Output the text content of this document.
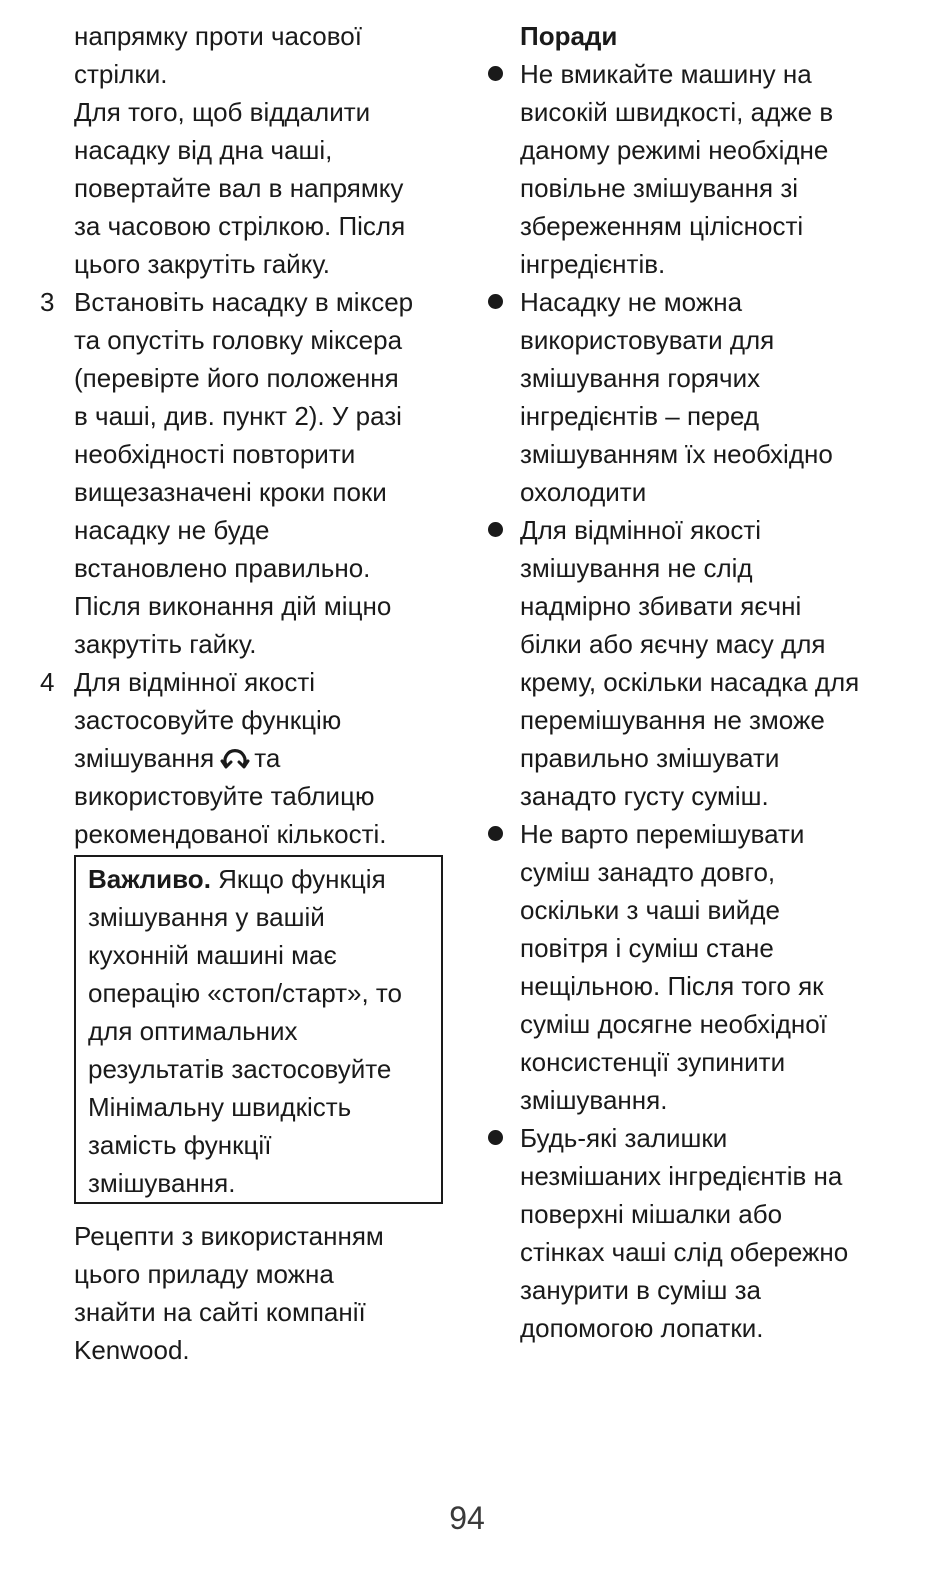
напрямку проти часової
стрілки.
Для того, щоб віддалити
насадку від дна чаші,
повертайте вал в напрямку
за часовою стрілкою. Після
цього закрутіть гайку.
3 Встановіть насадку в міксер
та опустіть головку міксера
(перевірте його положення
в чаші, див. пункт 2). У разі
необхідності повторити
вищезазначені кроки поки
насадку не буде
встановлено правильно.
Після виконання дій міцно
закрутіть гайку.
4 Для відмінної якості
застосовуйте функцію
змішування та
використовуйте таблицю
рекомендованої кількості.
Важливо. Якщо функція
змішування у вашій
кухонній машині має
операцію «стоп/старт», то
для оптимальних
результатів застосовуйте
Мінімальну швидкість
замість функції
змішування.
Рецепти з використанням
цього приладу можна
знайти на сайті компанії
Kenwood.
Поради
Не вмикайте машину на
високій швидкості, адже в
даному режимі необхідне
повільне змішування зі
збереженням цілісності
інгредієнтів.
Насадку не можна
використовувати для
змішування горячих
інгредієнтів – перед
змішуванням їх необхідно
охолодити
Для відмінної якості
змішування не слід
надмірно збивати яєчні
білки або яєчну масу для
крему, оскільки насадка для
перемішування не зможе
правильно змішувати
занадто густу суміш.
Не варто перемішувати
суміш занадто довго,
оскільки з чаші вийде
повітря і суміш стане
нещільною. Після того як
суміш досягне необхідної
консистенції зупинити
змішування.
Будь-які залишки
незмішаних інгредієнтів на
поверхні мішалки або
стінках чаші слід обережно
занурити в суміш за
допомогою лопатки.
94
